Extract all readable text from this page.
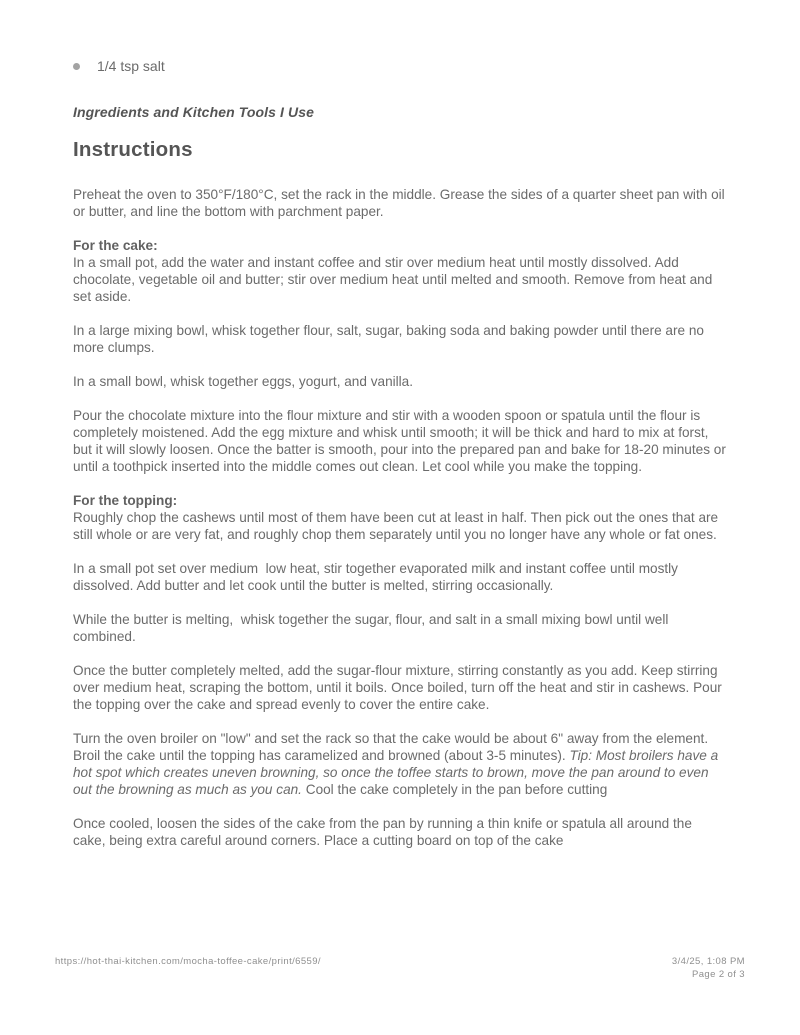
1/4 tsp salt
Ingredients and Kitchen Tools I Use
Instructions

Preheat the oven to 350°F/180°C, set the rack in the middle. Grease the sides of a quarter sheet pan with oil or butter, and line the bottom with parchment paper.

For the cake:
In a small pot, add the water and instant coffee and stir over medium heat until mostly dissolved. Add chocolate, vegetable oil and butter; stir over medium heat until melted and smooth. Remove from heat and set aside.

In a large mixing bowl, whisk together flour, salt, sugar, baking soda and baking powder until there are no more clumps.

In a small bowl, whisk together eggs, yogurt, and vanilla.

Pour the chocolate mixture into the flour mixture and stir with a wooden spoon or spatula until the flour is completely moistened. Add the egg mixture and whisk until smooth; it will be thick and hard to mix at forst, but it will slowly loosen. Once the batter is smooth, pour into the prepared pan and bake for 18-20 minutes or until a toothpick inserted into the middle comes out clean. Let cool while you make the topping.

For the topping:
Roughly chop the cashews until most of them have been cut at least in half. Then pick out the ones that are still whole or are very fat, and roughly chop them separately until you no longer have any whole or fat ones.

In a small pot set over medium  low heat, stir together evaporated milk and instant coffee until mostly dissolved. Add butter and let cook until the butter is melted, stirring occasionally.

While the butter is melting,  whisk together the sugar, flour, and salt in a small mixing bowl until well combined.

Once the butter completely melted, add the sugar-flour mixture, stirring constantly as you add. Keep stirring over medium heat, scraping the bottom, until it boils. Once boiled, turn off the heat and stir in cashews. Pour the topping over the cake and spread evenly to cover the entire cake.

Turn the oven broiler on "low" and set the rack so that the cake would be about 6" away from the element. Broil the cake until the topping has caramelized and browned (about 3-5 minutes). Tip: Most broilers have a hot spot which creates uneven browning, so once the toffee starts to brown, move the pan around to even out the browning as much as you can. Cool the cake completely in the pan before cutting

Once cooled, loosen the sides of the cake from the pan by running a thin knife or spatula all around the cake, being extra careful around corners. Place a cutting board on top of the cake

https://hot-thai-kitchen.com/mocha-toffee-cake/print/6559/	3/4/25, 1:08 PM
Page 2 of 3
